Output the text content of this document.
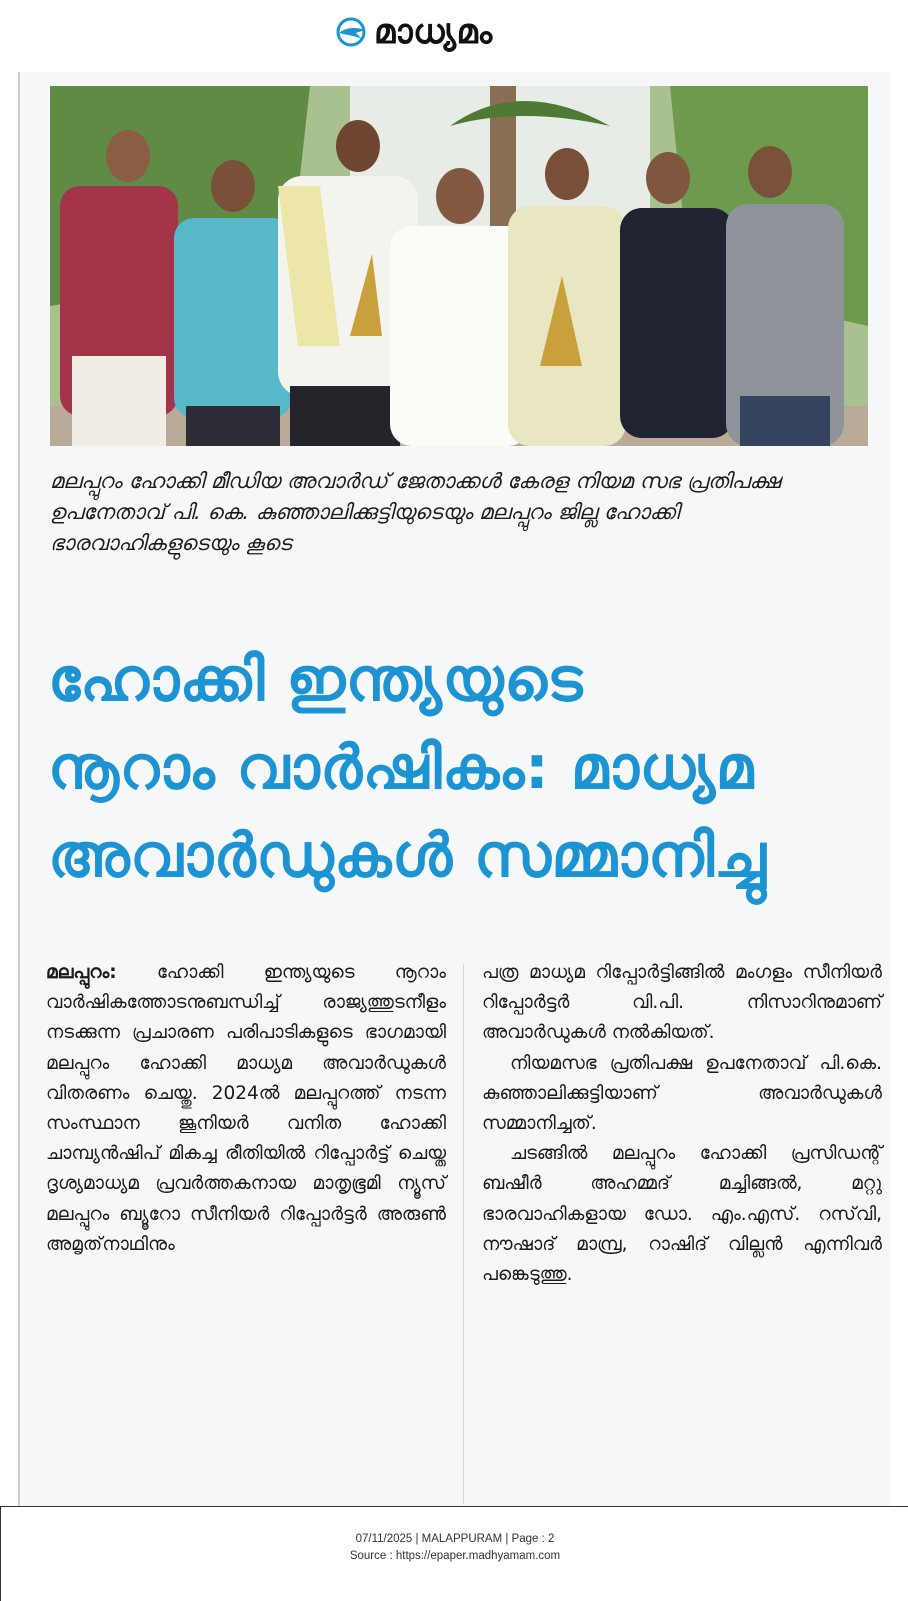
മാധ്യമം

മലപ്പുറം ഹോക്കി മീഡിയ അവാർഡ് ജേതാക്കൾ കേരള നിയമ സഭ പ്രതിപക്ഷ ഉപനേതാവ് പി. കെ. കുഞ്ഞാലിക്കുട്ടിയുടെയും മലപ്പുറം ജില്ല ഹോക്കി ഭാരവാഹികളുടെയും കൂടെ

ഹോക്കി ഇന്ത്യയുടെ
നൂറാം വാർഷികം: മാധ്യമ
അവാർഡുകൾ സമ്മാനിച്ചു

മലപ്പുറം: ഹോക്കി ഇന്ത്യയുടെ നൂറാം വാർഷികത്തോടനുബന്ധിച്ച് രാജ്യത്തുടനീളം നടക്കുന്ന പ്രചാരണ പരിപാടികളുടെ ഭാഗമായി മലപ്പുറം ഹോക്കി മാധ്യമ അവാർഡുകൾ വിതരണം ചെയ്തു. 2024ൽ മലപ്പുറത്ത് നടന്ന സംസ്ഥാന ജൂനിയർ വനിത ഹോക്കി ചാമ്പ്യൻഷിപ് മികച്ച രീതിയിൽ റിപ്പോർട്ട് ചെയ്ത ദൃശ്യമാധ്യമ പ്രവർത്തകനായ മാതൃഭൂമി ന്യൂസ് മലപ്പുറം ബ്യൂറോ സീനിയർ റിപ്പോർട്ടർ അരുൺ അമൃത്‌നാഥിനും

പത്ര മാധ്യമ റിപ്പോർട്ടിങ്ങിൽ മംഗളം സീനിയർ റിപ്പോർട്ടർ വി.പി. നിസാറിനുമാണ് അവാർഡുകൾ നൽകിയത്.

നിയമസഭ പ്രതിപക്ഷ ഉപനേതാവ് പി.കെ. കുഞ്ഞാലിക്കുട്ടിയാണ് അവാർഡുകൾ സമ്മാനിച്ചത്.

ചടങ്ങിൽ മലപ്പുറം ഹോക്കി പ്രസിഡന്റ് ബഷീർ അഹമ്മദ് മച്ചിങ്ങൽ, മറ്റു ഭാരവാഹികളായ ഡോ. എം.എസ്. റസ്‌വി, നൗഷാദ് മാമ്പ്ര, റാഷിദ് വില്ലൻ എന്നിവർ പങ്കെടുത്തു.

07/11/2025 | MALAPPURAM | Page : 2
Source : https://epaper.madhyamam.com
